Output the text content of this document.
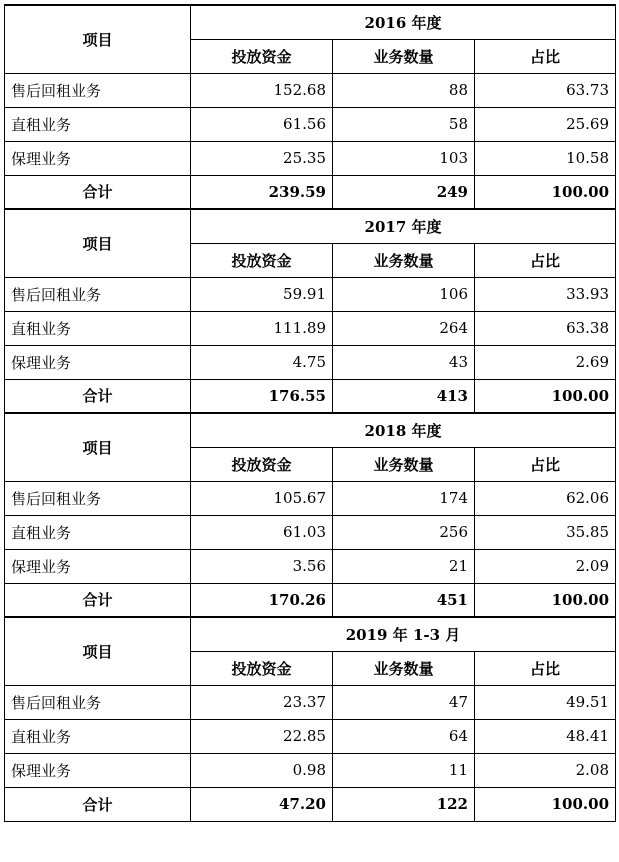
项目	2016 年度		
	投放资金	业务数量	占比
售后回租业务	152.68	88	63.73
直租业务	61.56	58	25.69
保理业务	25.35	103	10.58
合计	239.59	249	100.00
项目	2017 年度		
	投放资金	业务数量	占比
售后回租业务	59.91	106	33.93
直租业务	111.89	264	63.38
保理业务	4.75	43	2.69
合计	176.55	413	100.00
项目	2018 年度		
	投放资金	业务数量	占比
售后回租业务	105.67	174	62.06
直租业务	61.03	256	35.85
保理业务	3.56	21	2.09
合计	170.26	451	100.00
项目	2019 年 1-3 月		
	投放资金	业务数量	占比
售后回租业务	23.37	47	49.51
直租业务	22.85	64	48.41
保理业务	0.98	11	2.08
合计	47.20	122	100.00
